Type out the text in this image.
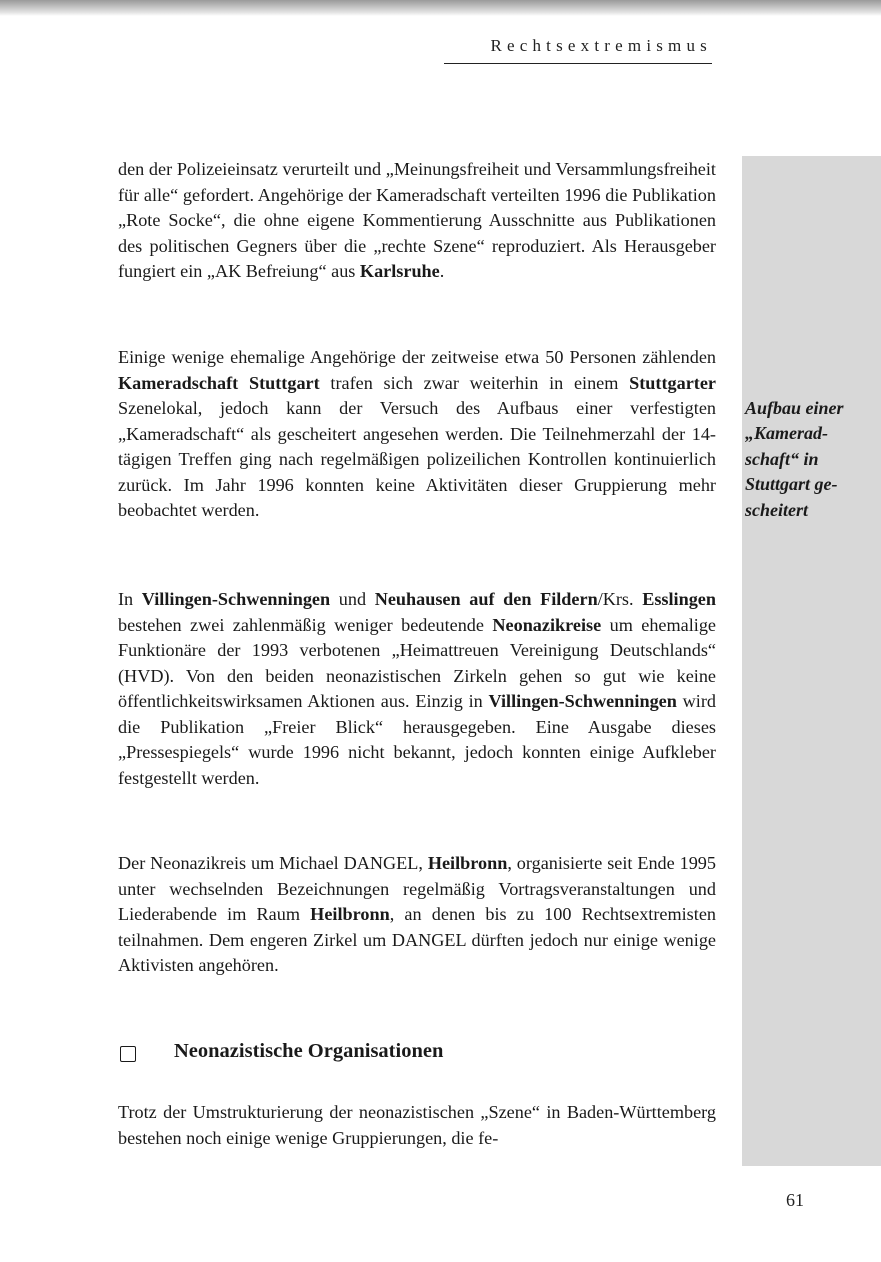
Rechtsextremismus
Aufbau einer
„Kamerad-
schaft“ in
Stuttgart ge-
scheitert

den der Polizeieinsatz verurteilt und „Meinungsfreiheit und Versammlungsfreiheit für alle“ gefordert. Angehörige der Kameradschaft verteilten 1996 die Publikation „Rote Socke“, die ohne eigene Kommentierung Ausschnitte aus Publikationen des politischen Gegners über die „rechte Szene“ reproduziert. Als Herausgeber fungiert ein „AK Befreiung“ aus Karlsruhe.

Einige wenige ehemalige Angehörige der zeitweise etwa 50 Personen zählenden Kameradschaft Stuttgart trafen sich zwar weiterhin in einem Stuttgarter Szenelokal, jedoch kann der Versuch des Aufbaus einer verfestigten „Kameradschaft“ als gescheitert angesehen werden. Die Teilnehmerzahl der 14-tägigen Treffen ging nach regelmäßigen polizeilichen Kontrollen kontinuierlich zurück. Im Jahr 1996 konnten keine Aktivitäten dieser Gruppierung mehr beobachtet werden.

In Villingen-Schwenningen und Neuhausen auf den Fildern/Krs. Esslingen bestehen zwei zahlenmäßig weniger bedeutende Neonazikreise um ehemalige Funktionäre der 1993 verbotenen „Heimattreuen Vereinigung Deutschlands“ (HVD). Von den beiden neonazistischen Zirkeln gehen so gut wie keine öffentlichkeitswirksamen Aktionen aus. Einzig in Villingen-Schwenningen wird die Publikation „Freier Blick“ herausgegeben. Eine Ausgabe dieses „Pressespiegels“ wurde 1996 nicht bekannt, jedoch konnten einige Aufkleber festgestellt werden.

Der Neonazikreis um Michael DANGEL, Heilbronn, organisierte seit Ende 1995 unter wechselnden Bezeichnungen regelmäßig Vortragsveranstaltungen und Liederabende im Raum Heilbronn, an denen bis zu 100 Rechtsextremisten teilnahmen. Dem engeren Zirkel um DANGEL dürften jedoch nur einige wenige Aktivisten angehören.

Neonazistische Organisationen

Trotz der Umstrukturierung der neonazistischen „Szene“ in Baden-Württemberg bestehen noch einige wenige Gruppierungen, die fe-

61
